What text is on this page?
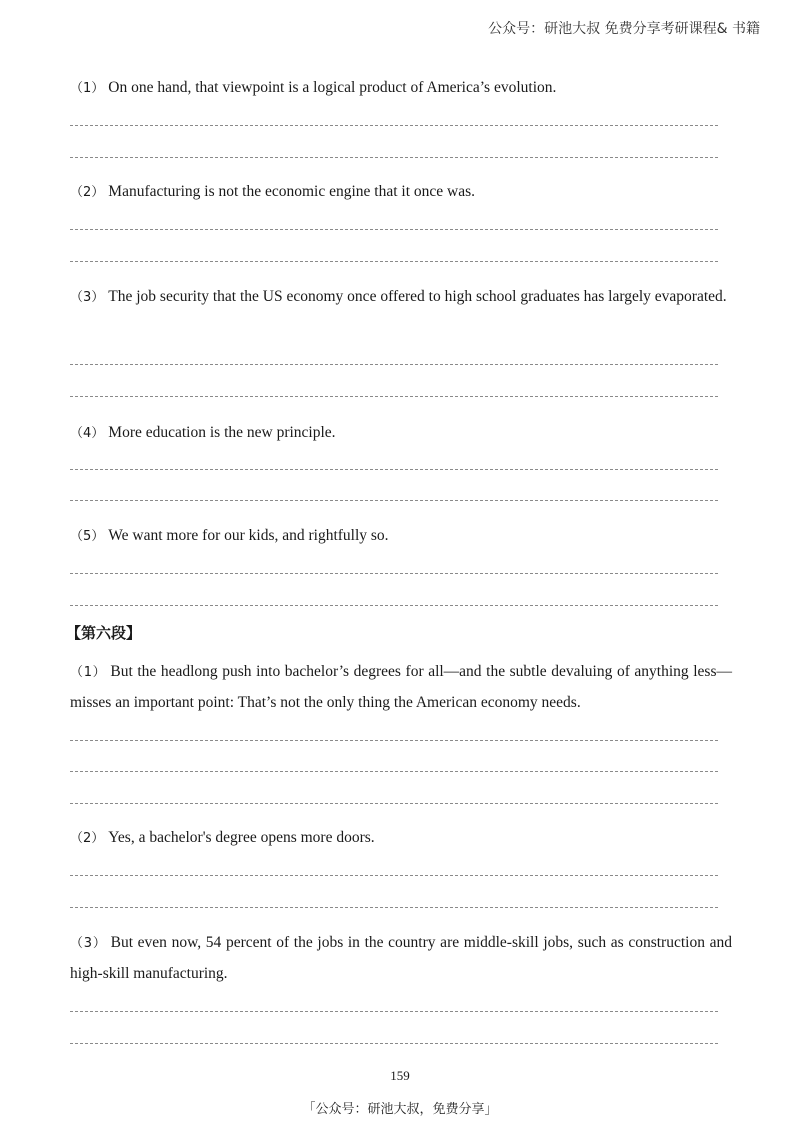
公众号：研池大叔 免费分享考研课程& 书籍
（1） On one hand, that viewpoint is a logical product of America’s evolution.
（2） Manufacturing is not the economic engine that it once was.
（3） The job security that the US economy once offered to high school graduates has largely evaporated.
（4） More education is the new principle.
（5） We want more for our kids, and rightfully so.
【第六段】
（1） But the headlong push into bachelor’s degrees for all—and the subtle devaluing of anything less—misses an important point: That’s not the only thing the American economy needs.
（2） Yes, a bachelor's degree opens more doors.
（3） But even now, 54 percent of the jobs in the country are middle-skill jobs, such as construction and high-skill manufacturing.
159
「公众号：研池大叔，免费分享」
